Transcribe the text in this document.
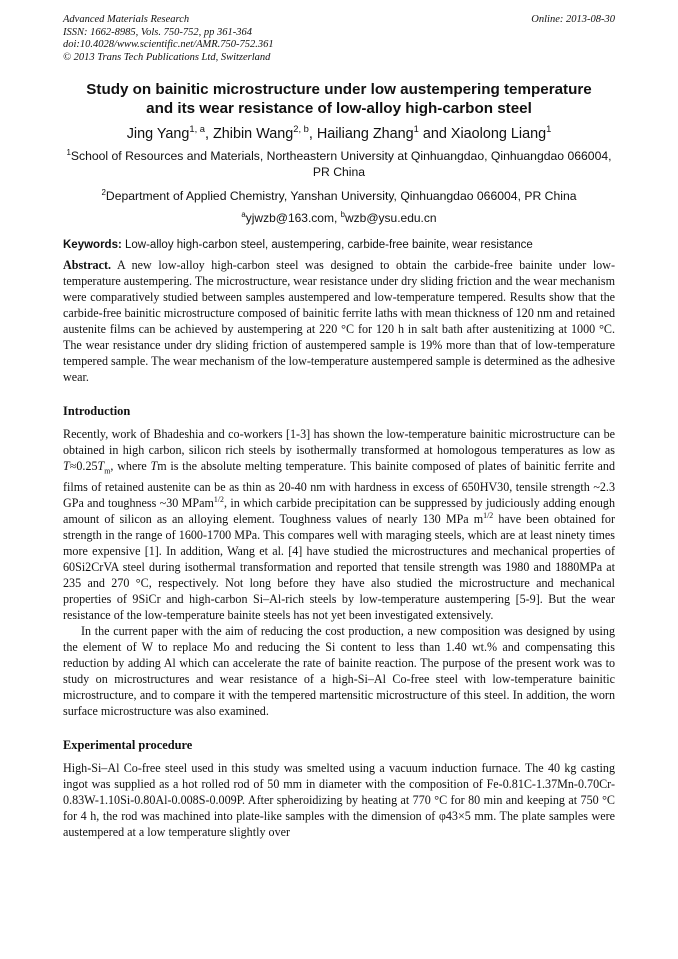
Advanced Materials Research
ISSN: 1662-8985, Vols. 750-752, pp 361-364
doi:10.4028/www.scientific.net/AMR.750-752.361
© 2013 Trans Tech Publications Ltd, Switzerland
Online: 2013-08-30
Study on bainitic microstructure under low austempering temperature
and its wear resistance of low-alloy high-carbon steel
Jing Yang$^{1, a}$, Zhibin Wang$^{2, b}$, Hailiang Zhang$^1$ and Xiaolong Liang$^1$
$^1$School of Resources and Materials, Northeastern University at Qinhuangdao, Qinhuangdao 066004, PR China
$^2$Department of Applied Chemistry, Yanshan University, Qinhuangdao 066004, PR China
$^a$yjwzb@163.com, $^b$wzb@ysu.edu.cn
Keywords: Low-alloy high-carbon steel, austempering, carbide-free bainite, wear resistance

Abstract. A new low-alloy high-carbon steel was designed to obtain the carbide-free bainite under low-temperature austempering. The microstructure, wear resistance under dry sliding friction and the wear mechanism were comparatively studied between samples austempered and low-temperature tempered. Results show that the carbide-free bainitic microstructure composed of bainitic ferrite laths with mean thickness of 120 nm and retained austenite films can be achieved by austempering at 220 °C for 120 h in salt bath after austenitizing at 1000 °C. The wear resistance under dry sliding friction of austempered sample is 19% more than that of low-temperature tempered sample. The wear mechanism of the low-temperature austempered sample is determined as the adhesive wear.

Introduction

Recently, work of Bhadeshia and co-workers [1-3] has shown the low-temperature bainitic microstructure can be obtained in high carbon, silicon rich steels by isothermally transformed at homologous temperatures as low as $T\approx 0.25T_m$, where Tm is the absolute melting temperature. This bainite composed of plates of bainitic ferrite and films of retained austenite can be as thin as 20-40 nm with hardness in excess of 650HV30, tensile strength ~2.3 GPa and toughness ~30 MPam$^{1/2}$, in which carbide precipitation can be suppressed by judiciously adding enough amount of silicon as an alloying element. Toughness values of nearly 130 MPa $m^{1/2}$ have been obtained for strength in the range of 1600-1700 MPa. This compares well with maraging steels, which are at least ninety times more expensive [1]. In addition, Wang et al. [4] have studied the microstructures and mechanical properties of 60Si2CrVA steel during isothermal transformation and reported that tensile strength was 1980 and 1880MPa at 235 and 270 °C, respectively. Not long before they have also studied the microstructure and mechanical properties of 9SiCr and high-carbon Si–Al-rich steels by low-temperature austempering [5-9]. But the wear resistance of the low-temperature bainite steels has not yet been investigated extensively.

In the current paper with the aim of reducing the cost production, a new composition was designed by using the element of W to replace Mo and reducing the Si content to less than 1.40 wt.% and compensating this reduction by adding Al which can accelerate the rate of bainite reaction. The purpose of the present work was to study on microstructures and wear resistance of a high-Si–Al Co-free steel with low-temperature bainitic microstructure, and to compare it with the tempered martensitic microstructure of this steel. In addition, the worn surface microstructure was also examined.

Experimental procedure

High-Si–Al Co-free steel used in this study was smelted using a vacuum induction furnace. The 40 kg casting ingot was supplied as a hot rolled rod of 50 mm in diameter with the composition of Fe-0.81C-1.37Mn-0.70Cr-0.83W-1.10Si-0.80Al-0.008S-0.009P. After spheroidizing by heating at 770 °C for 80 min and keeping at 750 °C for 4 h, the rod was machined into plate-like samples with the dimension of φ43×5 mm. The plate samples were austempered at a low temperature slightly over
